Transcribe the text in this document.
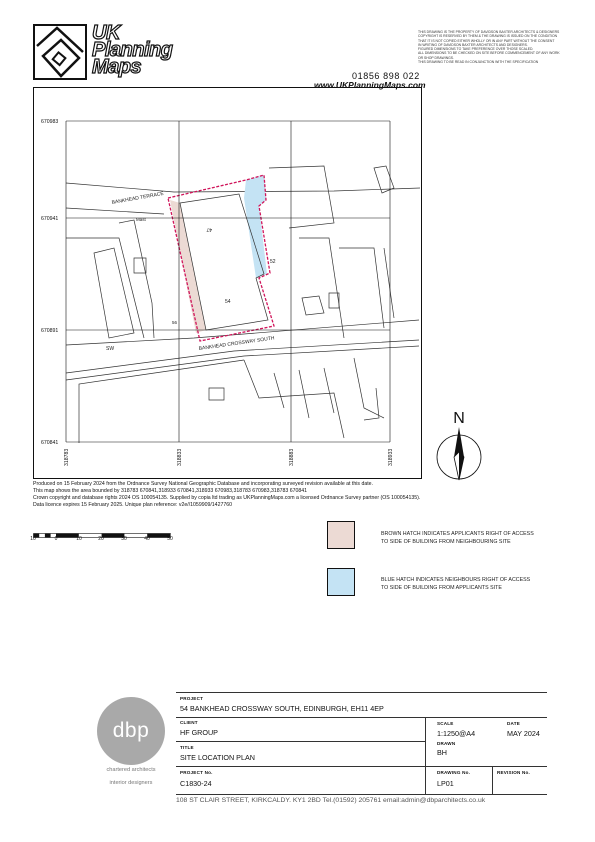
UK
Planning
Maps	01856 898 022
www.UKPlanningMaps.com
THIS DRAWING IS THE PROPERTY OF DAVIDSON BAXTER ARCHITECTS & DESIGNERS
COPYRIGHT IS RESERVED BY THEM & THE DRAWING IS ISSUED ON THE CONDITION
THAT IT IS NOT COPIED EITHER WHOLLY OR IN ANY PART WITHOUT THE CONSENT
IN WRITING OF DAVIDSON BAXTER ARCHITECTS AND DESIGNERS.
FIGURED DIMENSIONS TO TAKE PREFERENCE OVER THOSE SCALED.
ALL DIMENSIONS TO BE CHECKED ON SITE BEFORE COMMENCEMENT OF ANY WORK
OR SHOP DRAWINGS.
THIS DRAWING TO BE READ IN CONJUNCTION WITH THE SPECIFICATION
670983
670941
670891
670841
318783	318833	318883	318933
BANKHEAD TERRACE
BANKHEAD CROSSWAY SOUTH
Mast
47
52
54
56
SW
N
Produced on 15 February 2024 from the Ordnance Survey National Geographic Database and incorporating surveyed revision available at this date.
This map shows the area bounded by 318783 670841,318933 670841,318933 670983,318783 670983,318783 670841
Crown copyright and database rights 2024 OS 100054135. Supplied by copia ltd trading as UKPlanningMaps.com a licensed Ordnance Survey partner (OS 100054135).
Data licence expires 15 February 2025. Unique plan reference: v2e//1059909/1427760
10	0	10	20	30	40	50
BROWN HATCH INDICATES APPLICANTS RIGHT OF ACCESS
TO SIDE OF BUILDING FROM NEIGHBOURING SITE
BLUE HATCH INDICATES NEIGHBOURS RIGHT OF ACCESS
TO SIDE OF BUILDING FROM APPLICANTS SITE
dbp
chartered architects
interior designers
PROJECT
54 BANKHEAD CROSSWAY SOUTH, EDINBURGH, EH11 4EP
CLIENT
HF GROUP
SCALE
1:1250@A4
DATE
MAY 2024
TITLE
SITE LOCATION PLAN
DRAWN
BH
PROJECT No.
C1830-24
DRAWING No.
LP01
REVISION No.
108 ST CLAIR STREET, KIRKCALDY. KY1 2BD Tel.(01592) 205761 email:admin@dbparchitects.co.uk
